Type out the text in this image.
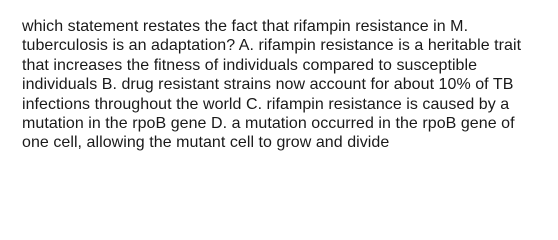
which statement restates the fact that rifampin resistance in M. tuberculosis is an adaptation? A. rifampin resistance is a heritable trait that increases the fitness of individuals compared to susceptible individuals B. drug resistant strains now account for about 10% of TB infections throughout the world C. rifampin resistance is caused by a mutation in the rpoB gene D. a mutation occurred in the rpoB gene of one cell, allowing the mutant cell to grow and divide
